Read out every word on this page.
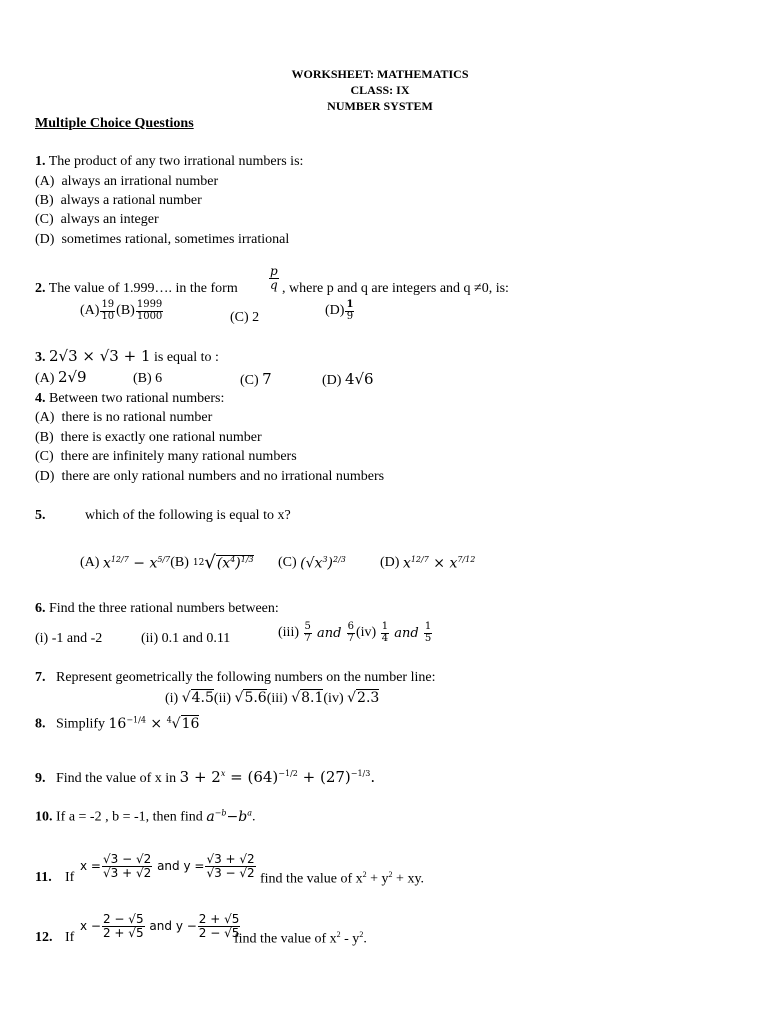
WORKSHEET: MATHEMATICS
CLASS: IX
NUMBER SYSTEM
Multiple Choice Questions
1. The product of any two irrational numbers is:
(A) always an irrational number
(B) always a rational number
(C) always an integer
(D) sometimes rational, sometimes irrational
2. The value of 1.999…. in the form	$\frac{p}{q}$ , where p and q are integers and q ≠0, is:
$(A) \frac{19}{10} (B) \frac{1999}{1000}$	(C) 2	$(D) \frac{1}{9}$
3. 2√3 × √3 + 1 is equal to :
(A) 2√9	(B) 6	(C) 7	(D) 4√6
4. Between two rational numbers:
(A) there is no rational number
(B) there is exactly one rational number
(C) there are infinitely many rational numbers
(D) there are only rational numbers and no irrational numbers
5.	which of the following is equal to x?
(A)
$x^{12/7} - x^{5/7}$ (B) 12 √ $(x^4)^{1/3}$ (C)
$(√x^3)^{2/3}$ (D)
$x^{12/7} \times x^{7/12}$
6. Find the three rational numbers between:
(i) -1 and -2	(ii) 0.1 and 0.11	(iii)
$\frac{5}{7}$ and $\frac{6}{7} (iv)$
$\frac{1}{4}$ and $\frac{1}{5}$
7. Represent geometrically the following numbers on the number line:
(i) √4.5(ii) √5.6(iii) √8.1(iv) √2.3
8. Simplify $16^{-1/4} \times ^4√16$
9. Find the value of x in $3 + 2^x = (64)^{-1/2} + (27)^{-1/3}$.
10. If a = -2 , b = -1, then find $a^{-b}-b^a$.
11. If
$x = \frac{√3 - √2}{√3 + √2}$ and $y = \frac{√3 + √2}{√3 - √2}$
find the value of $x^2 + y^2$ + xy.
12. If
$x - \frac{2 - √5}{2 + √5}$ and $y - \frac{2 + √5}{2 - √5}$
find the value of $x^2 - y^2$.
